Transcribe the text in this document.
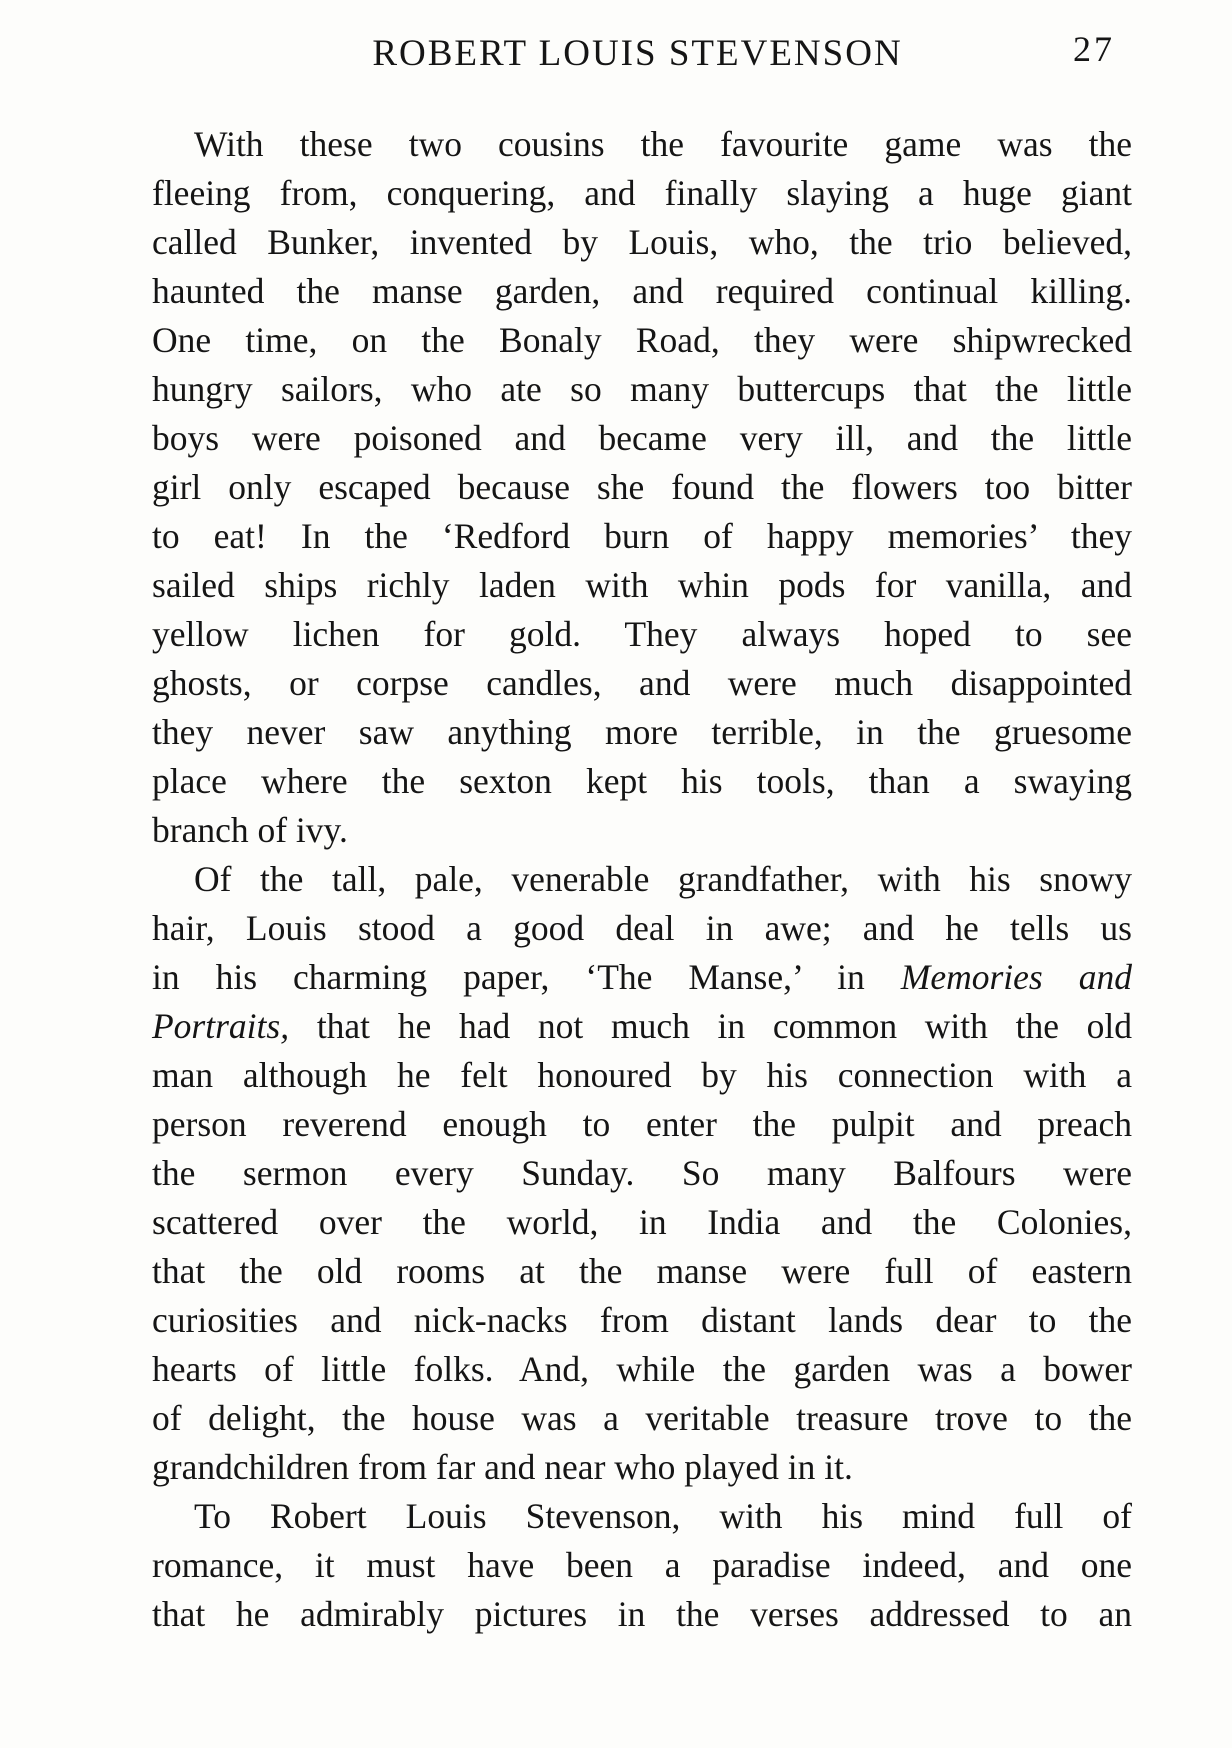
ROBERT LOUIS STEVENSON	27
With these two cousins the favourite game was the
fleeing from, conquering, and finally slaying a huge giant
called Bunker, invented by Louis, who, the trio believed,
haunted the manse garden, and required continual killing.
One time, on the Bonaly Road, they were shipwrecked
hungry sailors, who ate so many buttercups that the little
boys were poisoned and became very ill, and the little
girl only escaped because she found the flowers too bitter
to eat! In the ‘Redford burn of happy memories’ they
sailed ships richly laden with whin pods for vanilla, and
yellow lichen for gold. They always hoped to see
ghosts, or corpse candles, and were much disappointed
they never saw anything more terrible, in the gruesome
place where the sexton kept his tools, than a swaying
branch of ivy.
Of the tall, pale, venerable grandfather, with his snowy
hair, Louis stood a good deal in awe; and he tells us
in his charming paper, ‘The Manse,’ in Memories and
Portraits, that he had not much in common with the old
man although he felt honoured by his connection with a
person reverend enough to enter the pulpit and preach
the sermon every Sunday. So many Balfours were
scattered over the world, in India and the Colonies,
that the old rooms at the manse were full of eastern
curiosities and nick-nacks from distant lands dear to the
hearts of little folks. And, while the garden was a bower
of delight, the house was a veritable treasure trove to the
grandchildren from far and near who played in it.
To Robert Louis Stevenson, with his mind full of
romance, it must have been a paradise indeed, and one
that he admirably pictures in the verses addressed to an
